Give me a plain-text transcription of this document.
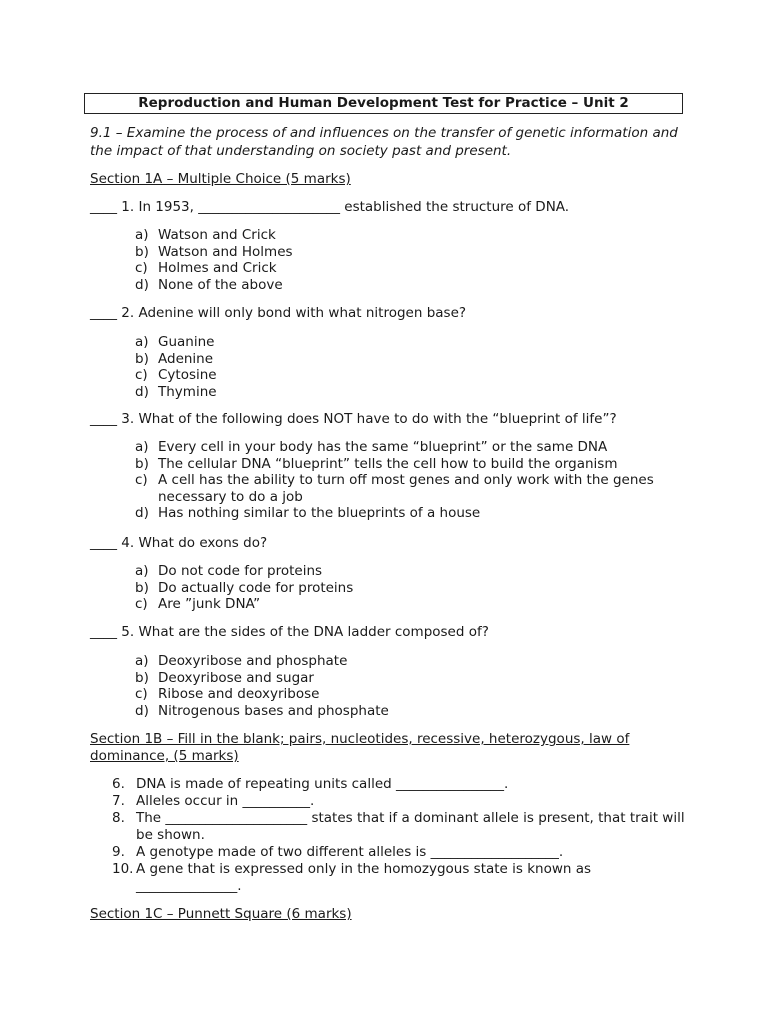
Reproduction and Human Development Test for Practice – Unit 2
9.1 – Examine the process of and influences on the transfer of genetic information and the impact of that understanding on society past and present.
Section 1A – Multiple Choice (5 marks)
____ 1. In 1953, _____________________ established the structure of DNA.
a) Watson and Crick
b) Watson and Holmes
c) Holmes and Crick
d) None of the above
____ 2. Adenine will only bond with what nitrogen base?
a) Guanine
b) Adenine
c) Cytosine
d) Thymine
____ 3. What of the following does NOT have to do with the “blueprint of life”?
a) Every cell in your body has the same “blueprint” or the same DNA
b) The cellular DNA “blueprint” tells the cell how to build the organism
c) A cell has the ability to turn off most genes and only work with the genes necessary to do a job
d) Has nothing similar to the blueprints of a house
____ 4. What do exons do?
a) Do not code for proteins
b) Do actually code for proteins
c) Are ”junk DNA”
____ 5. What are the sides of the DNA ladder composed of?
a) Deoxyribose and phosphate
b) Deoxyribose and sugar
c) Ribose and deoxyribose
d) Nitrogenous bases and phosphate
Section 1B – Fill in the blank; pairs, nucleotides, recessive, heterozygous, law of dominance, (5 marks)
6. DNA is made of repeating units called ________________.
7. Alleles occur in __________.
8. The _____________________ states that if a dominant allele is present, that trait will be shown.
9. A genotype made of two different alleles is ___________________.
10. A gene that is expressed only in the homozygous state is known as _______________.
Section 1C – Punnett Square (6 marks)
